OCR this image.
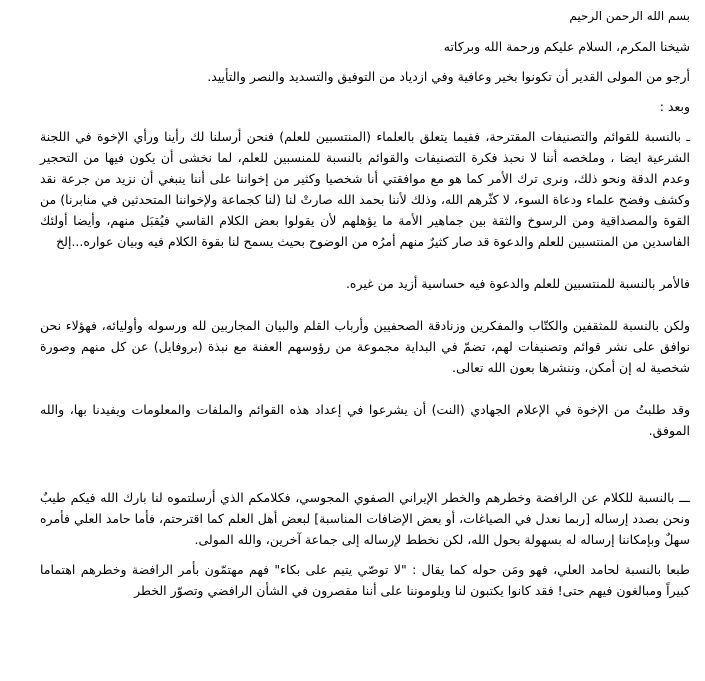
بسم الله الرحمن الرحيم

شيخنا المكرم، السلام عليكم ورحمة الله وبركاته

أرجو من المولى القدير أن تكونوا بخير وعافية وفي ازدياد من التوفيق والتسديد والنصر والتأييد.

وبعد :

ـ بالنسبة للقوائم والتصنيفات المقترحة، ففيما يتعلق بالعلماء (المنتسبين للعلم) فنحن أرسلنا لك رأينا ورأي الإخوة في اللجنة الشرعية ايضا ، وملخصه أننا لا نحبذ فكرة التصنيفات والقوائم بالنسبة للمنسبين للعلم، لما نخشى أن يكون فيها من التحجير وعدم الدقة ونحو ذلك، ونرى ترك الأمر كما هو مع موافقتي أنا شخصيا وكثير من إخواننا على أننا ينبغي أن نزيد من جرعة نقد وكشف وفضح علماء ودعاة السوء، لا كثّرهم الله، وذلك لأننا بحمد الله صارتْ لنا (لنا كجماعة ولإخواننا المتحدثين في منابرنا) من القوة والمصداقية ومن الرسوخ والثقة بين جماهير الأمة ما يؤهلهم لأن يقولوا بعض الكلام القاسي فيُقبَل منهم، وأيضا أولئك الفاسدين من المنتسبين للعلم والدعوة قد صار كثيرٌ منهم أمرُه من الوضوح بحيث يسمح لنا بقوة الكلام فيه وبيان عواره...إلخ

فالأمر بالنسبة للمنتسبين للعلم والدعوة فيه حساسية أزيد من غيره.

ولكن بالنسبة للمثقفين والكتّاب والمفكرين وزنادقة الصحفيين وأرباب القلم والبيان المجاربين لله ورسوله وأوليائه، فهؤلاء نحن نوافق على نشر قوائم وتصنيفات لهم، تضمّ في البداية مجموعة من رؤوسهم العفنة مع نبذة (بروفايل) عن كل منهم وصورة شخصية له إن أمكن، وننشرها بعون الله تعالى.

وقد طلبتُ من الإخوة في الإعلام الجهادي (النت) أن يشرعوا في إعداد هذه القوائم والملفات والمعلومات ويفيدنا بها، والله الموفق.

ـــ بالنسبة للكلام عن الرافضة وخطرهم والخطر الإيراني الصفوي المجوسي، فكلامكم الذي أرسلتموه لنا بارك الله فيكم طيبٌ ونحن بصدد إرساله [ربما نعدل في الصياغات، أو بعض الإضافات المناسبة] لبعض أهل العلم كما اقترحتم، فأما حامد العلي فأمره سهلٌ وبإمكاننا إرساله له بسهولة بحول الله، لكن نخطط لإرساله إلى جماعة آخرين، والله المولى.

طبعا بالنسبة لحامد العلي، فهو ومَن حوله كما يقال : "لا توصّي يتيم على بكاء" فهم مهتمّون بأمر الرافضة وخطرهم اهتماما كبيراً ومبالغون فيهم حتى! فقد كانوا يكتبون لنا ويلوموننا على أننا مقصرون في الشأن الرافضي وتصوّر الخطر
